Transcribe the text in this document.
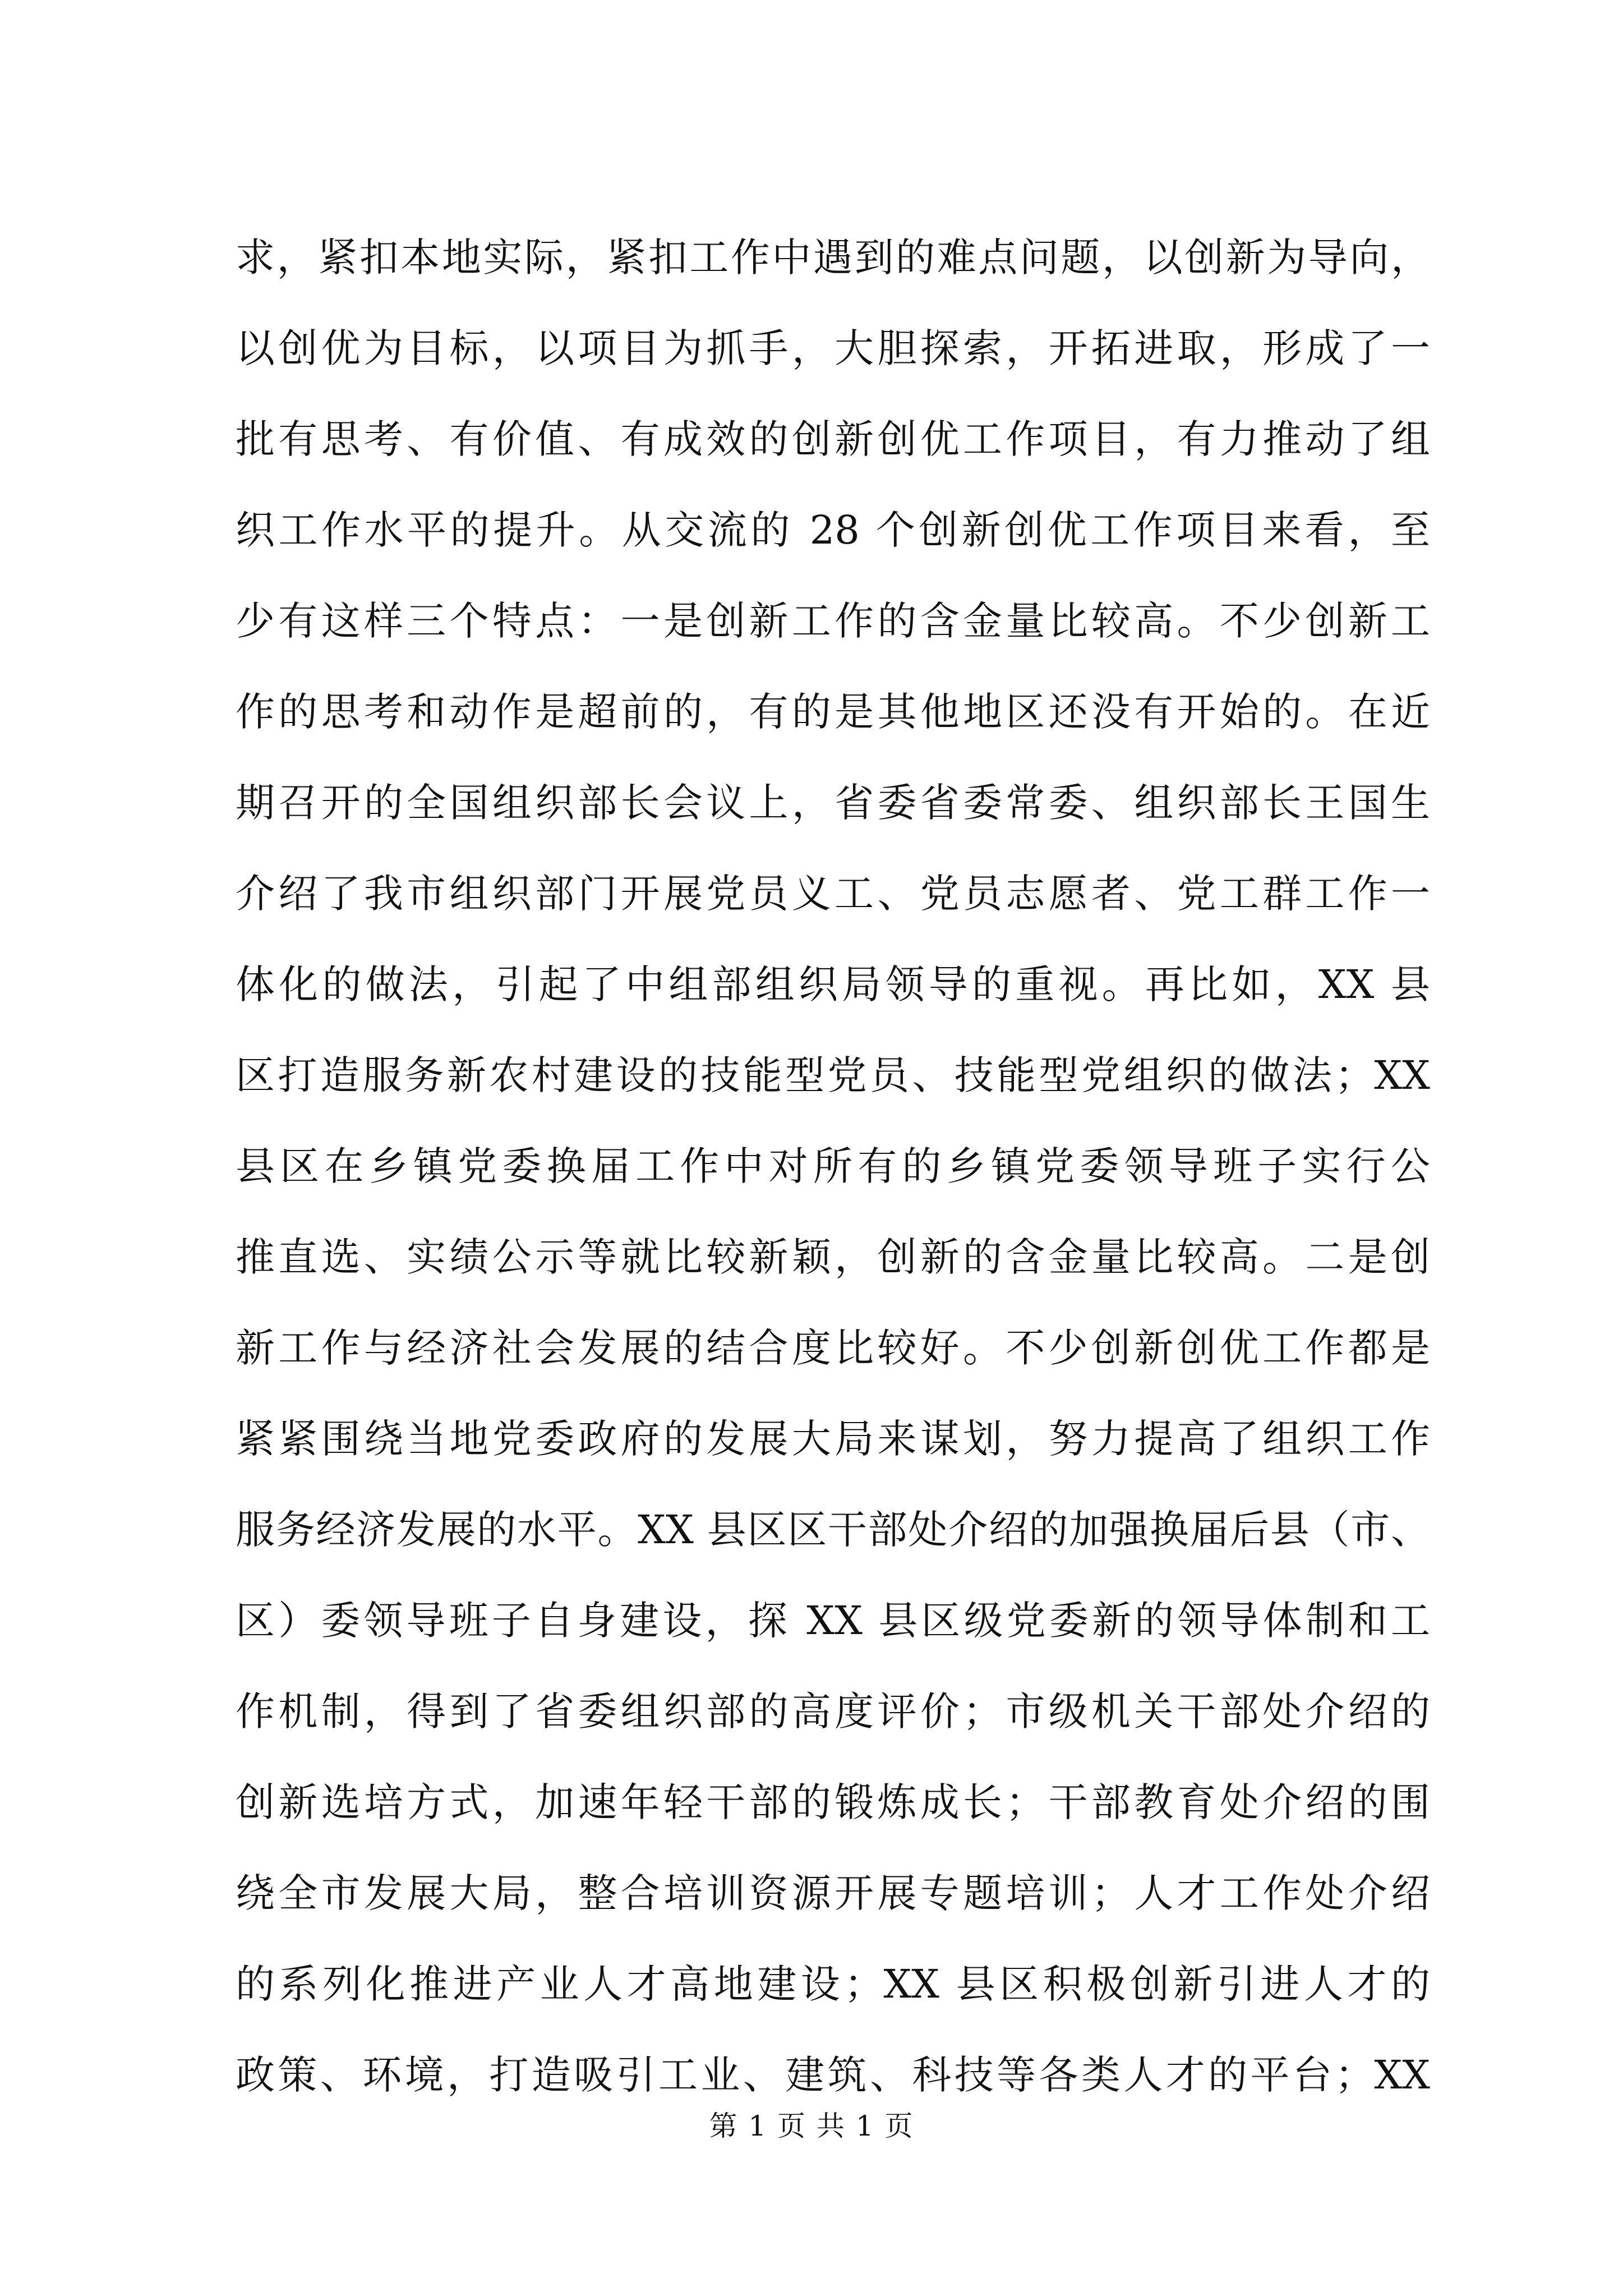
求，紧扣本地实际，紧扣工作中遇到的难点问题，以创新为导向，
以创优为目标，以项目为抓手，大胆探索，开拓进取，形成了一
批有思考、有价值、有成效的创新创优工作项目，有力推动了组
织工作水平的提升。从交流的 28 个创新创优工作项目来看，至
少有这样三个特点：一是创新工作的含金量比较高。不少创新工
作的思考和动作是超前的，有的是其他地区还没有开始的。在近
期召开的全国组织部长会议上，省委省委常委、组织部长王国生
介绍了我市组织部门开展党员义工、党员志愿者、党工群工作一
体化的做法，引起了中组部组织局领导的重视。再比如，XX 县
区打造服务新农村建设的技能型党员、技能型党组织的做法；XX
县区在乡镇党委换届工作中对所有的乡镇党委领导班子实行公
推直选、实绩公示等就比较新颖，创新的含金量比较高。二是创
新工作与经济社会发展的结合度比较好。不少创新创优工作都是
紧紧围绕当地党委政府的发展大局来谋划，努力提高了组织工作
服务经济发展的水平。XX 县区区干部处介绍的加强换届后县（市、
区）委领导班子自身建设，探 XX 县区级党委新的领导体制和工
作机制，得到了省委组织部的高度评价；市级机关干部处介绍的
创新选培方式，加速年轻干部的锻炼成长；干部教育处介绍的围
绕全市发展大局，整合培训资源开展专题培训；人才工作处介绍
的系列化推进产业人才高地建设；XX 县区积极创新引进人才的
政策、环境，打造吸引工业、建筑、科技等各类人才的平台；XX
第 1 页 共 1 页
